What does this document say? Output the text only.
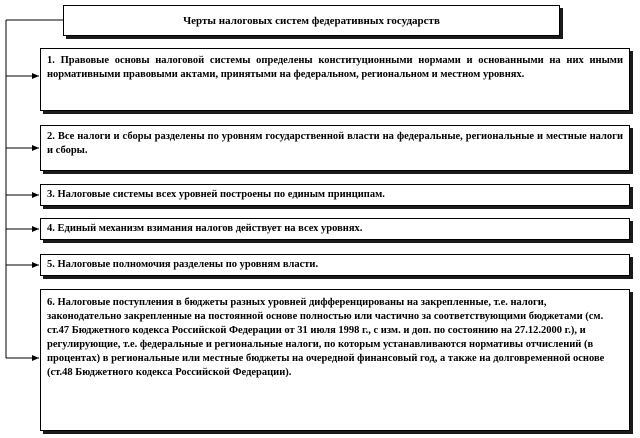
Черты налоговых систем федеративных государств
1. Правовые основы налоговой системы определены конституционными нормами и основанными на них иными нормативными правовыми актами, принятыми на федеральном, региональном и местном уровнях.
2. Все налоги и сборы разделены по уровням государственной власти на федеральные, региональные и местные налоги и сборы.
3. Налоговые системы всех уровней построены по единым принципам.
4. Единый механизм взимания налогов действует на всех уровнях.
5. Налоговые полномочия разделены по уровням власти.
6. Налоговые поступления в бюджеты разных уровней дифференцированы на закрепленные, т.е. налоги, законодательно закрепленные на постоянной основе полностью или частично за соответствующими бюджетами (см. ст.47 Бюджетного кодекса Российской Федерации от 31 июля 1998 г., с изм. и доп. по состоянию на 27.12.2000 г.), и регулирующие, т.е. федеральные и региональные налоги, по которым устанавливаются нормативы отчислений (в процентах) в региональные или местные бюджеты на очередной финансовый год, а также на долговременной основе (ст.48 Бюджетного кодекса Российской Федерации).
